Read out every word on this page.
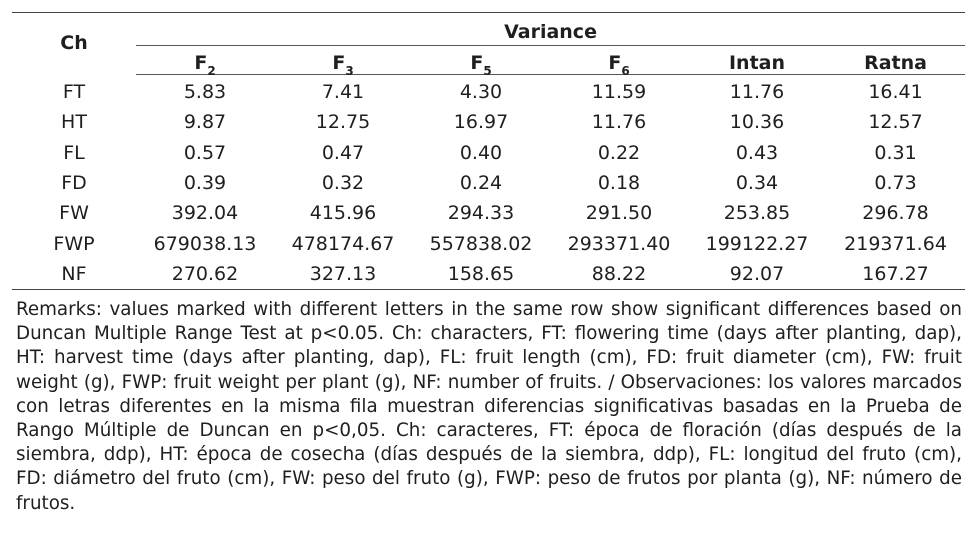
Ch	Variance					
	$F_2$	$F_3$	$F_5$	$F_6$	Intan	Ratna
FT	5.83	7.41	4.30	11.59	11.76	16.41
HT	9.87	12.75	16.97	11.76	10.36	12.57
FL	0.57	0.47	0.40	0.22	0.43	0.31
FD	0.39	0.32	0.24	0.18	0.34	0.73
FW	392.04	415.96	294.33	291.50	253.85	296.78
FWP	679038.13	478174.67	557838.02	293371.40	199122.27	219371.64
NF	270.62	327.13	158.65	88.22	92.07	167.27
Remarks: values marked with different letters in the same row show significant differences based on Duncan Multiple Range Test at p<0.05. Ch: characters, FT: flowering time (days after planting, dap), HT: harvest time (days after planting, dap), FL: fruit length (cm), FD: fruit diameter (cm), FW: fruit weight (g), FWP: fruit weight per plant (g), NF: number of fruits. / Observaciones: los valores marcados con letras diferentes en la misma fila muestran diferencias significativas basadas en la Prueba de Rango Múltiple de Duncan en p<0,05. Ch: caracteres, FT: época de floración (días después de la siembra, ddp), HT: época de cosecha (días después de la siembra, ddp), FL: longitud del fruto (cm), FD: diámetro del fruto (cm), FW: peso del fruto (g), FWP: peso de frutos por planta (g), NF: número de frutos.
